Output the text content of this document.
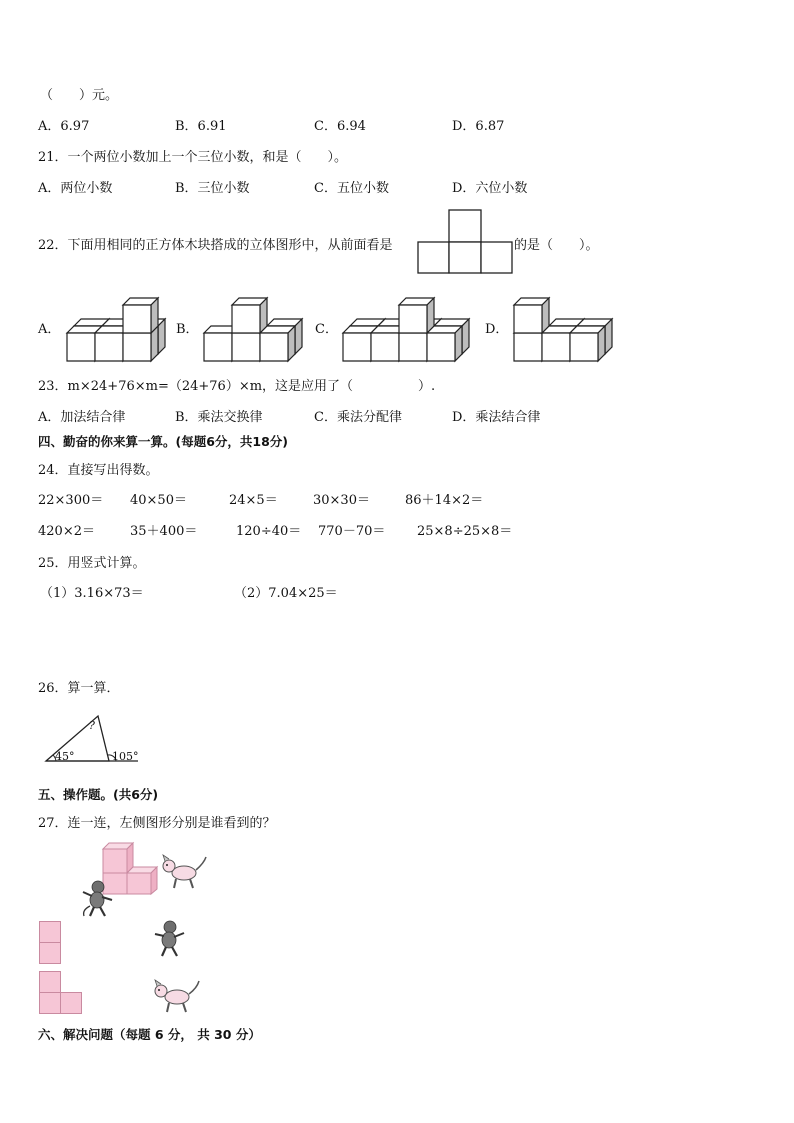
（　　）元。
A．6.97	B．6.91	C．6.94	D．6.87
21．一个两位小数加上一个三位小数，和是（　　）。
A．两位小数	B．三位小数	C．五位小数	D．六位小数
22．下面用相同的正方体木块搭成的立体图形中，从前面看是	的是（　　）。
A．	B．	C．	D．
23．m×24+76×m=（24+76）×m，这是应用了（　　　　　）.
A．加法结合律	B．乘法交换律	C．乘法分配律	D．乘法结合律
四、勤奋的你来算一算。(每题6分，共18分)
24．直接写出得数。
22×300＝ 40×50＝	24×5＝	30×30＝	86＋14×2＝
420×2＝	35＋400＝	120÷40＝ 770－70＝ 25×8÷25×8＝
25．用竖式计算。
（1）3.16×73＝	（2）7.04×25＝
26．算一算．
?
45°	105°
五、操作题。(共6分)
27．连一连，左侧图形分别是谁看到的？
六、解决问题（每题 6 分， 共 30 分）
